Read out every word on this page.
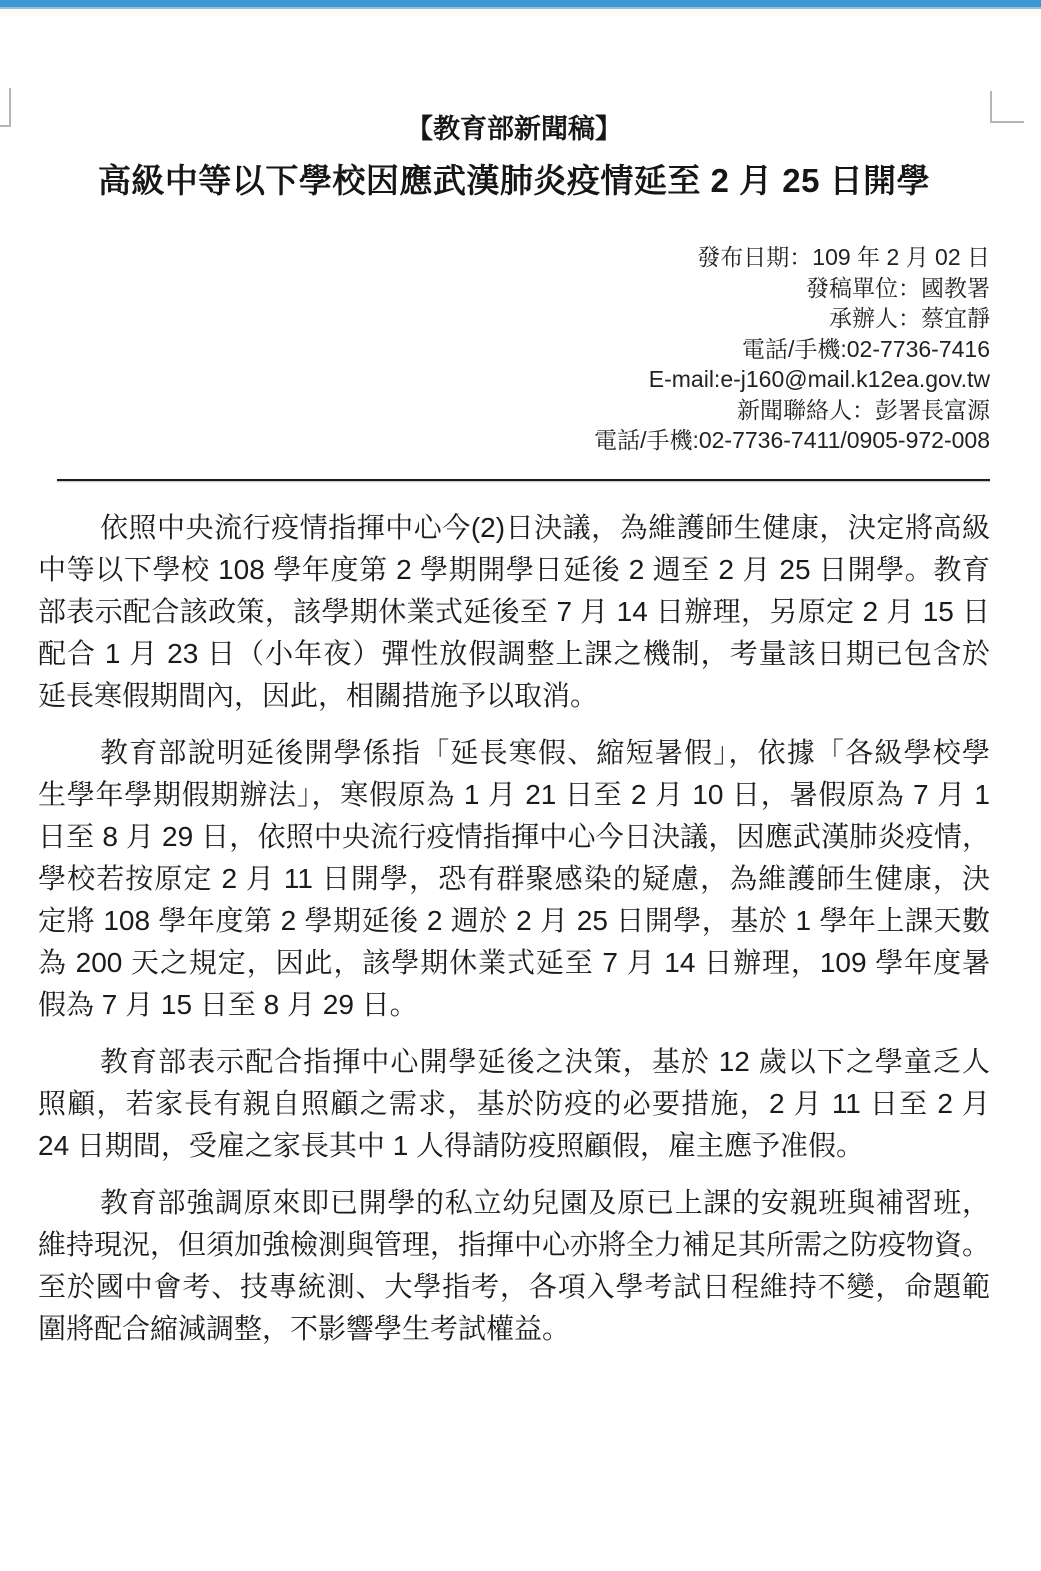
【教育部新聞稿】
高級中等以下學校因應武漢肺炎疫情延至 2 月 25 日開學
發布日期：109 年 2 月 02 日
發稿單位：國教署
承辦人：蔡宜靜
電話/手機:02-7736-7416
E-mail:e-j160@mail.k12ea.gov.tw
新聞聯絡人：彭署長富源
電話/手機:02-7736-7411/0905-972-008
依照中央流行疫情指揮中心今(2)日決議，為維護師生健康，決定將高級
中等以下學校 108 學年度第 2 學期開學日延後 2 週至 2 月 25 日開學。教育
部表示配合該政策，該學期休業式延後至 7 月 14 日辦理，另原定 2 月 15 日
配合 1 月 23 日（小年夜）彈性放假調整上課之機制，考量該日期已包含於
延長寒假期間內，因此，相關措施予以取消。
教育部說明延後開學係指「延長寒假、縮短暑假」，依據「各級學校學
生學年學期假期辦法」，寒假原為 1 月 21 日至 2 月 10 日，暑假原為 7 月 1
日至 8 月 29 日，依照中央流行疫情指揮中心今日決議，因應武漢肺炎疫情，
學校若按原定 2 月 11 日開學，恐有群聚感染的疑慮，為維護師生健康，決
定將 108 學年度第 2 學期延後 2 週於 2 月 25 日開學，基於 1 學年上課天數
為 200 天之規定，因此，該學期休業式延至 7 月 14 日辦理，109 學年度暑
假為 7 月 15 日至 8 月 29 日。
教育部表示配合指揮中心開學延後之決策，基於 12 歲以下之學童乏人
照顧，若家長有親自照顧之需求，基於防疫的必要措施，2 月 11 日至 2 月
24 日期間，受雇之家長其中 1 人得請防疫照顧假，雇主應予准假。
教育部強調原來即已開學的私立幼兒園及原已上課的安親班與補習班，
維持現況，但須加強檢測與管理，指揮中心亦將全力補足其所需之防疫物資。
至於國中會考、技專統測、大學指考，各項入學考試日程維持不變，命題範
圍將配合縮減調整，不影響學生考試權益。
